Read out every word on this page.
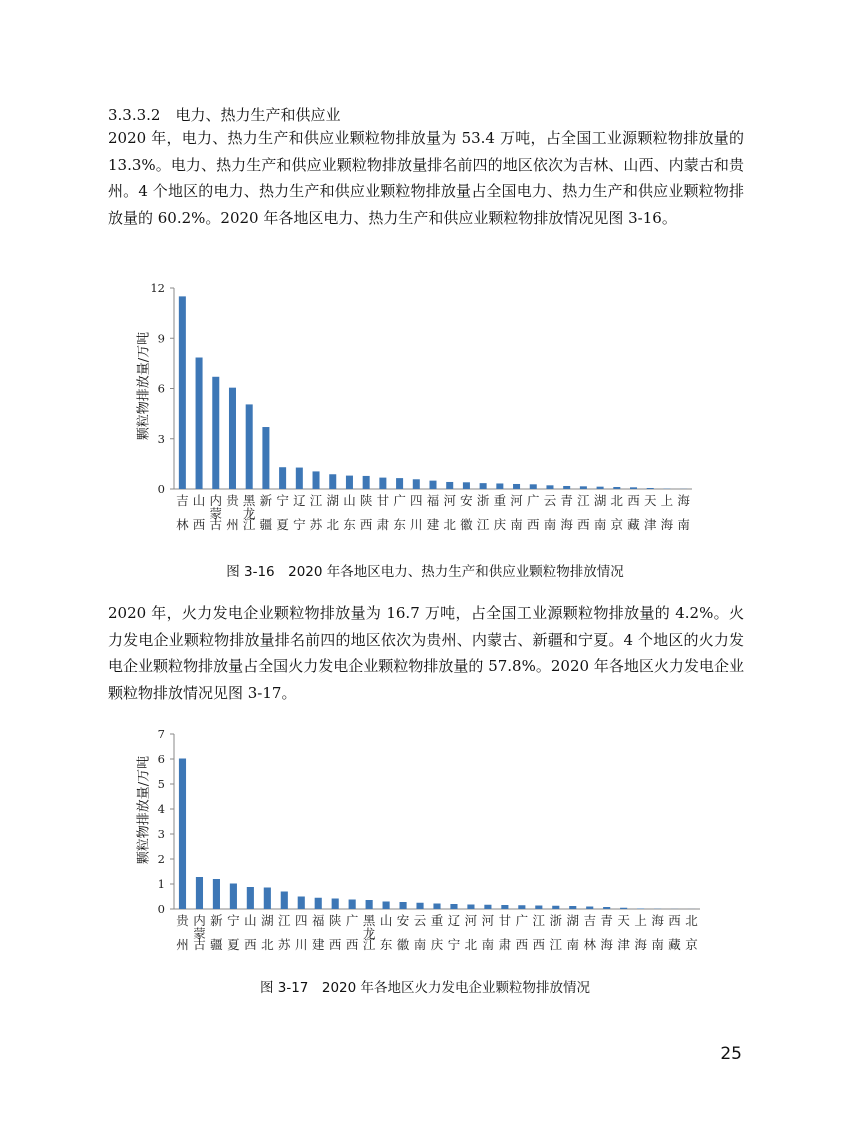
3.3.3.2　电力、热力生产和供应业

2020 年，电力、热力生产和供应业颗粒物排放量为 53.4 万吨，占全国工业源颗粒物排放量的 13.3%。电力、热力生产和供应业颗粒物排放量排名前四的地区依次为吉林、山西、内蒙古和贵州。4 个地区的电力、热力生产和供应业颗粒物排放量占全国电力、热力生产和供应业颗粒物排放量的 60.2%。2020 年各地区电力、热力生产和供应业颗粒物排放情况见图 3-16。

颗粒物排放量/万吨
0
3
6
9
12
吉
林
山
西
内
蒙
古
贵
州
黑
龙
江
新
疆
宁
夏
辽
宁
江
苏
湖
北
山
东
陕
西
甘
肃
广
东
四
川
福
建
河
北
安
徽
浙
江
重
庆
河
南
广
西
云
南
青
海
江
西
湖
南
北
京
西
藏
天
津
上
海
海
南
图 3-16　2020 年各地区电力、热力生产和供应业颗粒物排放情况

2020 年，火力发电企业颗粒物排放量为 16.7 万吨，占全国工业源颗粒物排放量的 4.2%。火力发电企业颗粒物排放量排名前四的地区依次为贵州、内蒙古、新疆和宁夏。4 个地区的火力发电企业颗粒物排放量占全国火力发电企业颗粒物排放量的 57.8%。2020 年各地区火力发电企业颗粒物排放情况见图 3-17。

颗粒物排放量/万吨
0
1
2
3
4
5
6
7
贵
州
内
蒙
古
新
疆
宁
夏
山
西
湖
北
江
苏
四
川
福
建
陕
西
广
西
黑
龙
江
山
东
安
徽
云
南
重
庆
辽
宁
河
北
河
南
甘
肃
广
西
江
西
浙
江
湖
南
吉
林
青
海
天
津
上
海
海
南
西
藏
北
京
图 3-17　2020 年各地区火力发电企业颗粒物排放情况
25
